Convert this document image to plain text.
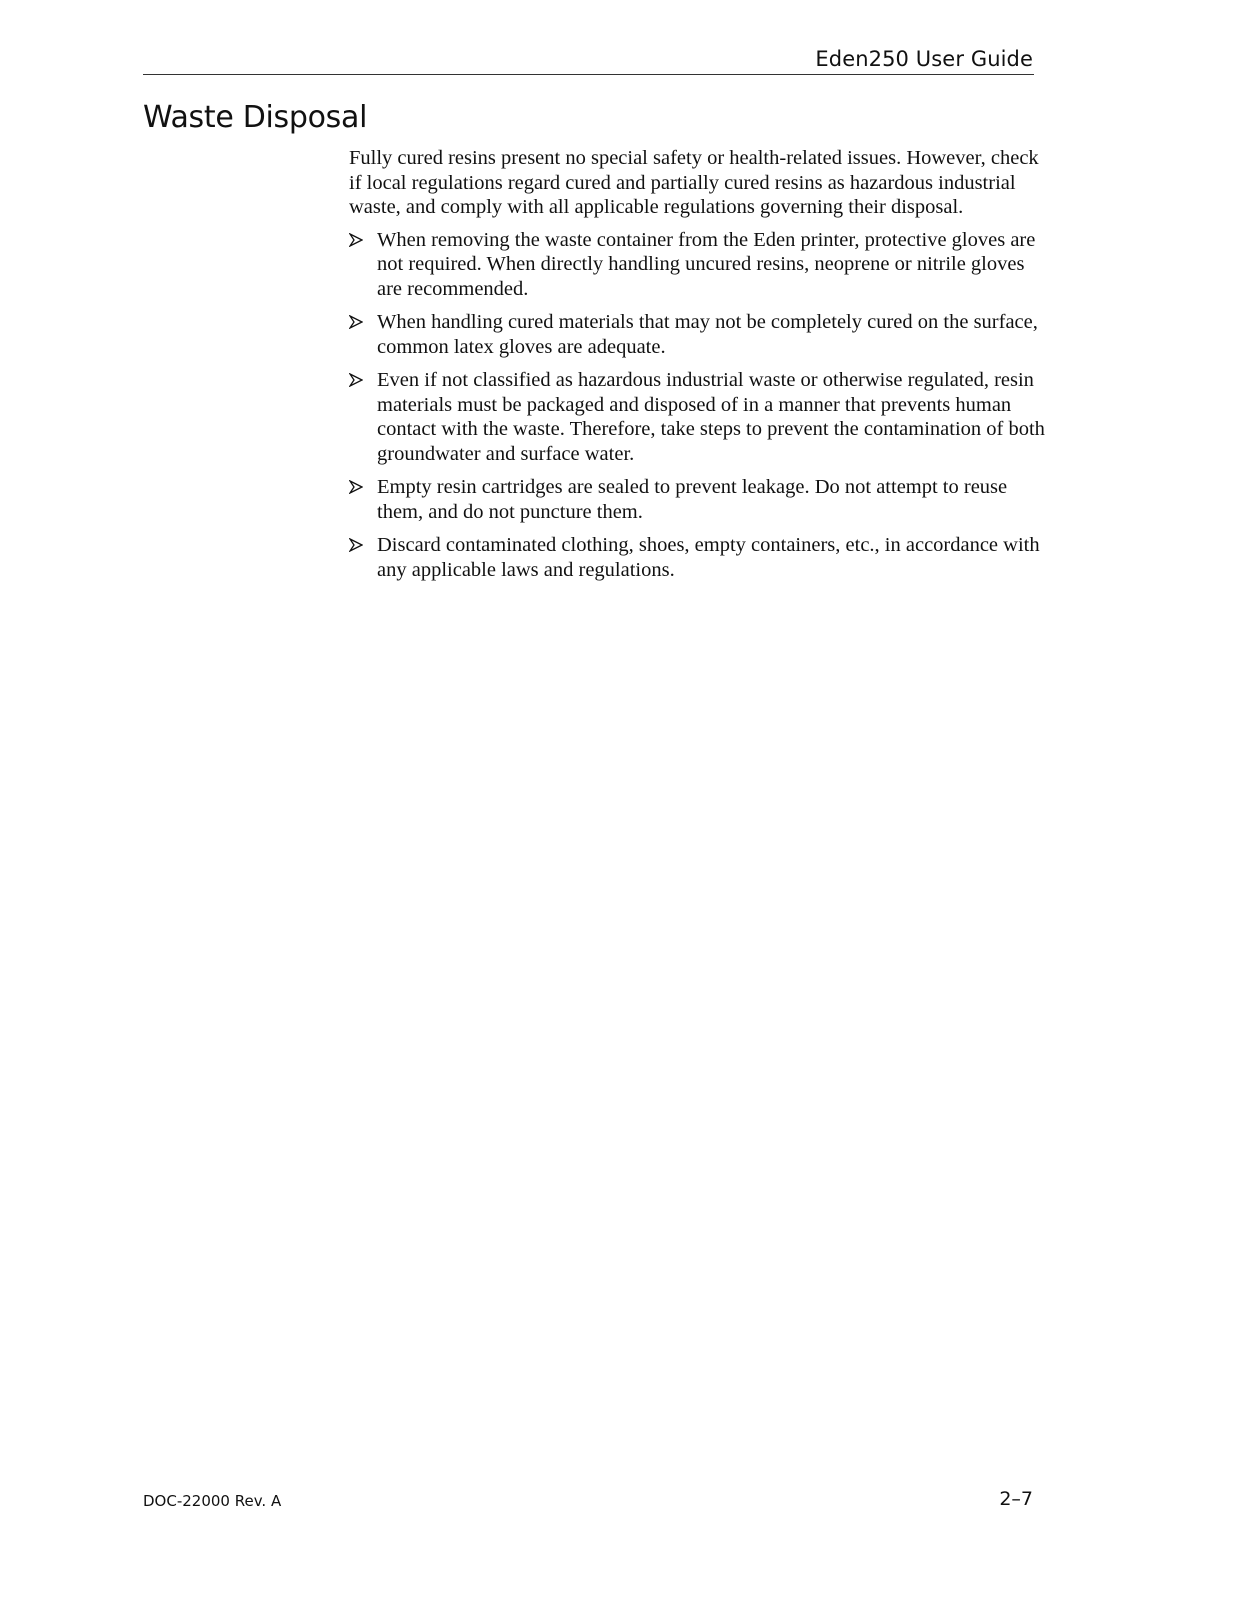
Eden250 User Guide
Waste Disposal

Fully cured resins present no special safety or health-related issues. However, check if local regulations regard cured and partially cured resins as hazardous industrial waste, and comply with all applicable regulations governing their disposal.

When removing the waste container from the Eden printer, protective gloves are not required. When directly handling uncured resins, neoprene or nitrile gloves are recommended.
When handling cured materials that may not be completely cured on the surface, common latex gloves are adequate.
Even if not classified as hazardous industrial waste or otherwise regulated, resin materials must be packaged and disposed of in a manner that prevents human contact with the waste. Therefore, take steps to prevent the contamination of both groundwater and surface water.
Empty resin cartridges are sealed to prevent leakage. Do not attempt to reuse them, and do not puncture them.
Discard contaminated clothing, shoes, empty containers, etc., in accordance with any applicable laws and regulations.
DOC-22000 Rev. A	2–7
